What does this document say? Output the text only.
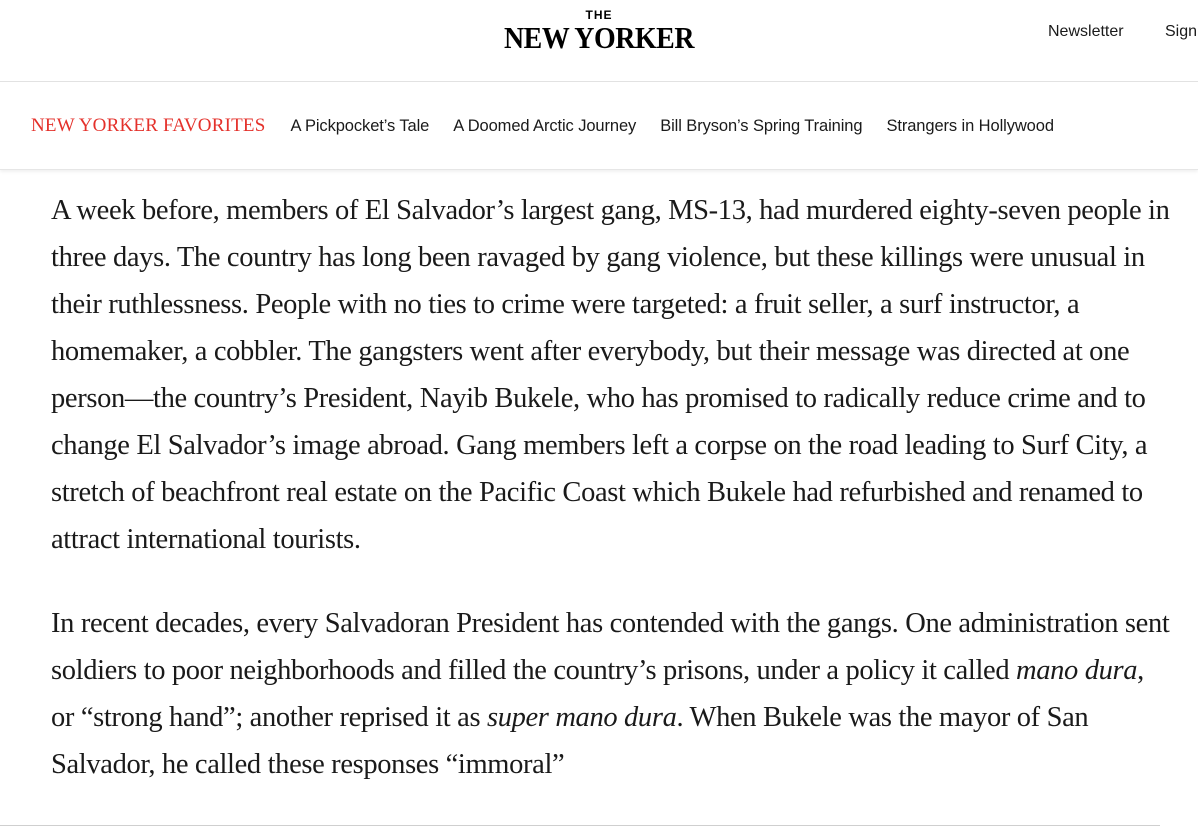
THE
NEW YORKER	Newsletter	Sign
NEW YORKER FAVORITES A Pickpocket’s Tale A Doomed Arctic Journey Bill Bryson’s Spring Training Strangers in Hollywood

A week before, members of El Salvador’s largest gang, MS-13, had murdered eighty-seven people in three days. The country has long been ravaged by gang violence, but these killings were unusual in their ruthlessness. People with no ties to crime were targeted: a fruit seller, a surf instructor, a homemaker, a cobbler. The gangsters went after everybody, but their message was directed at one person—the country’s President, Nayib Bukele, who has promised to radically reduce crime and to change El Salvador’s image abroad. Gang members left a corpse on the road leading to Surf City, a stretch of beachfront real estate on the Pacific Coast which Bukele had refurbished and renamed to attract international tourists.

In recent decades, every Salvadoran President has contended with the gangs. One administration sent soldiers to poor neighborhoods and filled the country’s prisons, under a policy it called mano dura, or “strong hand”; another reprised it as super mano dura. When Bukele was the mayor of San Salvador, he called these responses “immoral”
